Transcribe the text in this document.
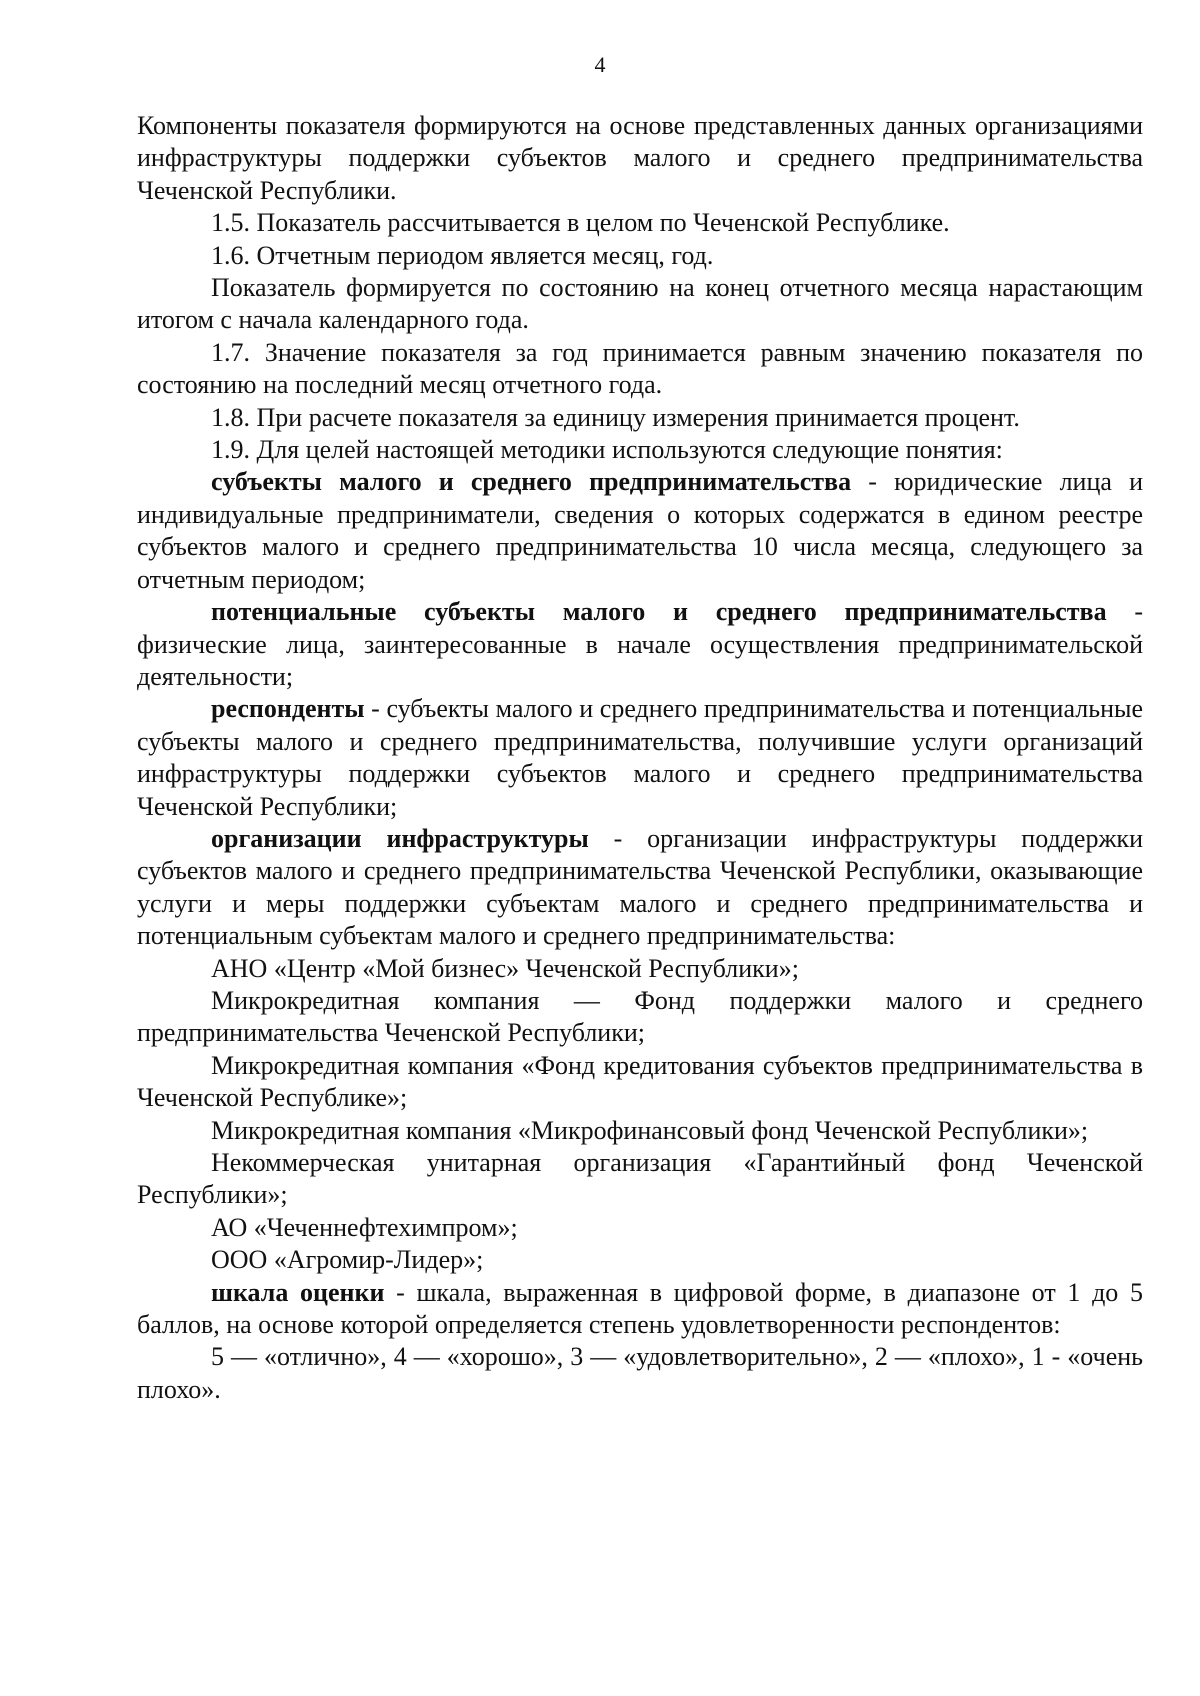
4

Компоненты показателя формируются на основе представленных данных организациями инфраструктуры поддержки субъектов малого и среднего предпринимательства Чеченской Республики.

1.5. Показатель рассчитывается в целом по Чеченской Республике.

1.6. Отчетным периодом является месяц, год.

Показатель формируется по состоянию на конец отчетного месяца нарастающим итогом с начала календарного года.

1.7. Значение показателя за год принимается равным значению показателя по состоянию на последний месяц отчетного года.

1.8. При расчете показателя за единицу измерения принимается процент.

1.9. Для целей настоящей методики используются следующие понятия:

субъекты малого и среднего предпринимательства - юридические лица и индивидуальные предприниматели, сведения о которых содержатся в едином реестре субъектов малого и среднего предпринимательства 10 числа месяца, следующего за отчетным периодом;

потенциальные субъекты малого и среднего предпринимательства - физические лица, заинтересованные в начале осуществления предпринимательской деятельности;

респонденты - субъекты малого и среднего предпринимательства и потенциальные субъекты малого и среднего предпринимательства, получившие услуги организаций инфраструктуры поддержки субъектов малого и среднего предпринимательства Чеченской Республики;

организации инфраструктуры - организации инфраструктуры поддержки субъектов малого и среднего предпринимательства Чеченской Республики, оказывающие услуги и меры поддержки субъектам малого и среднего предпринимательства и потенциальным субъектам малого и среднего предпринимательства:

АНО «Центр «Мой бизнес» Чеченской Республики»;

Микрокредитная компания — Фонд поддержки малого и среднего предпринимательства Чеченской Республики;

Микрокредитная компания «Фонд кредитования субъектов предпринимательства в Чеченской Республике»;

Микрокредитная компания «Микрофинансовый фонд Чеченской Республики»;

Некоммерческая унитарная организация «Гарантийный фонд Чеченской Республики»;

АО «Чеченнефтехимпром»;

ООО «Агромир-Лидер»;

шкала оценки - шкала, выраженная в цифровой форме, в диапазоне от 1 до 5 баллов, на основе которой определяется степень удовлетворенности респондентов:

5 — «отлично», 4 — «хорошо», 3 — «удовлетворительно», 2 — «плохо», 1 - «очень плохо».
